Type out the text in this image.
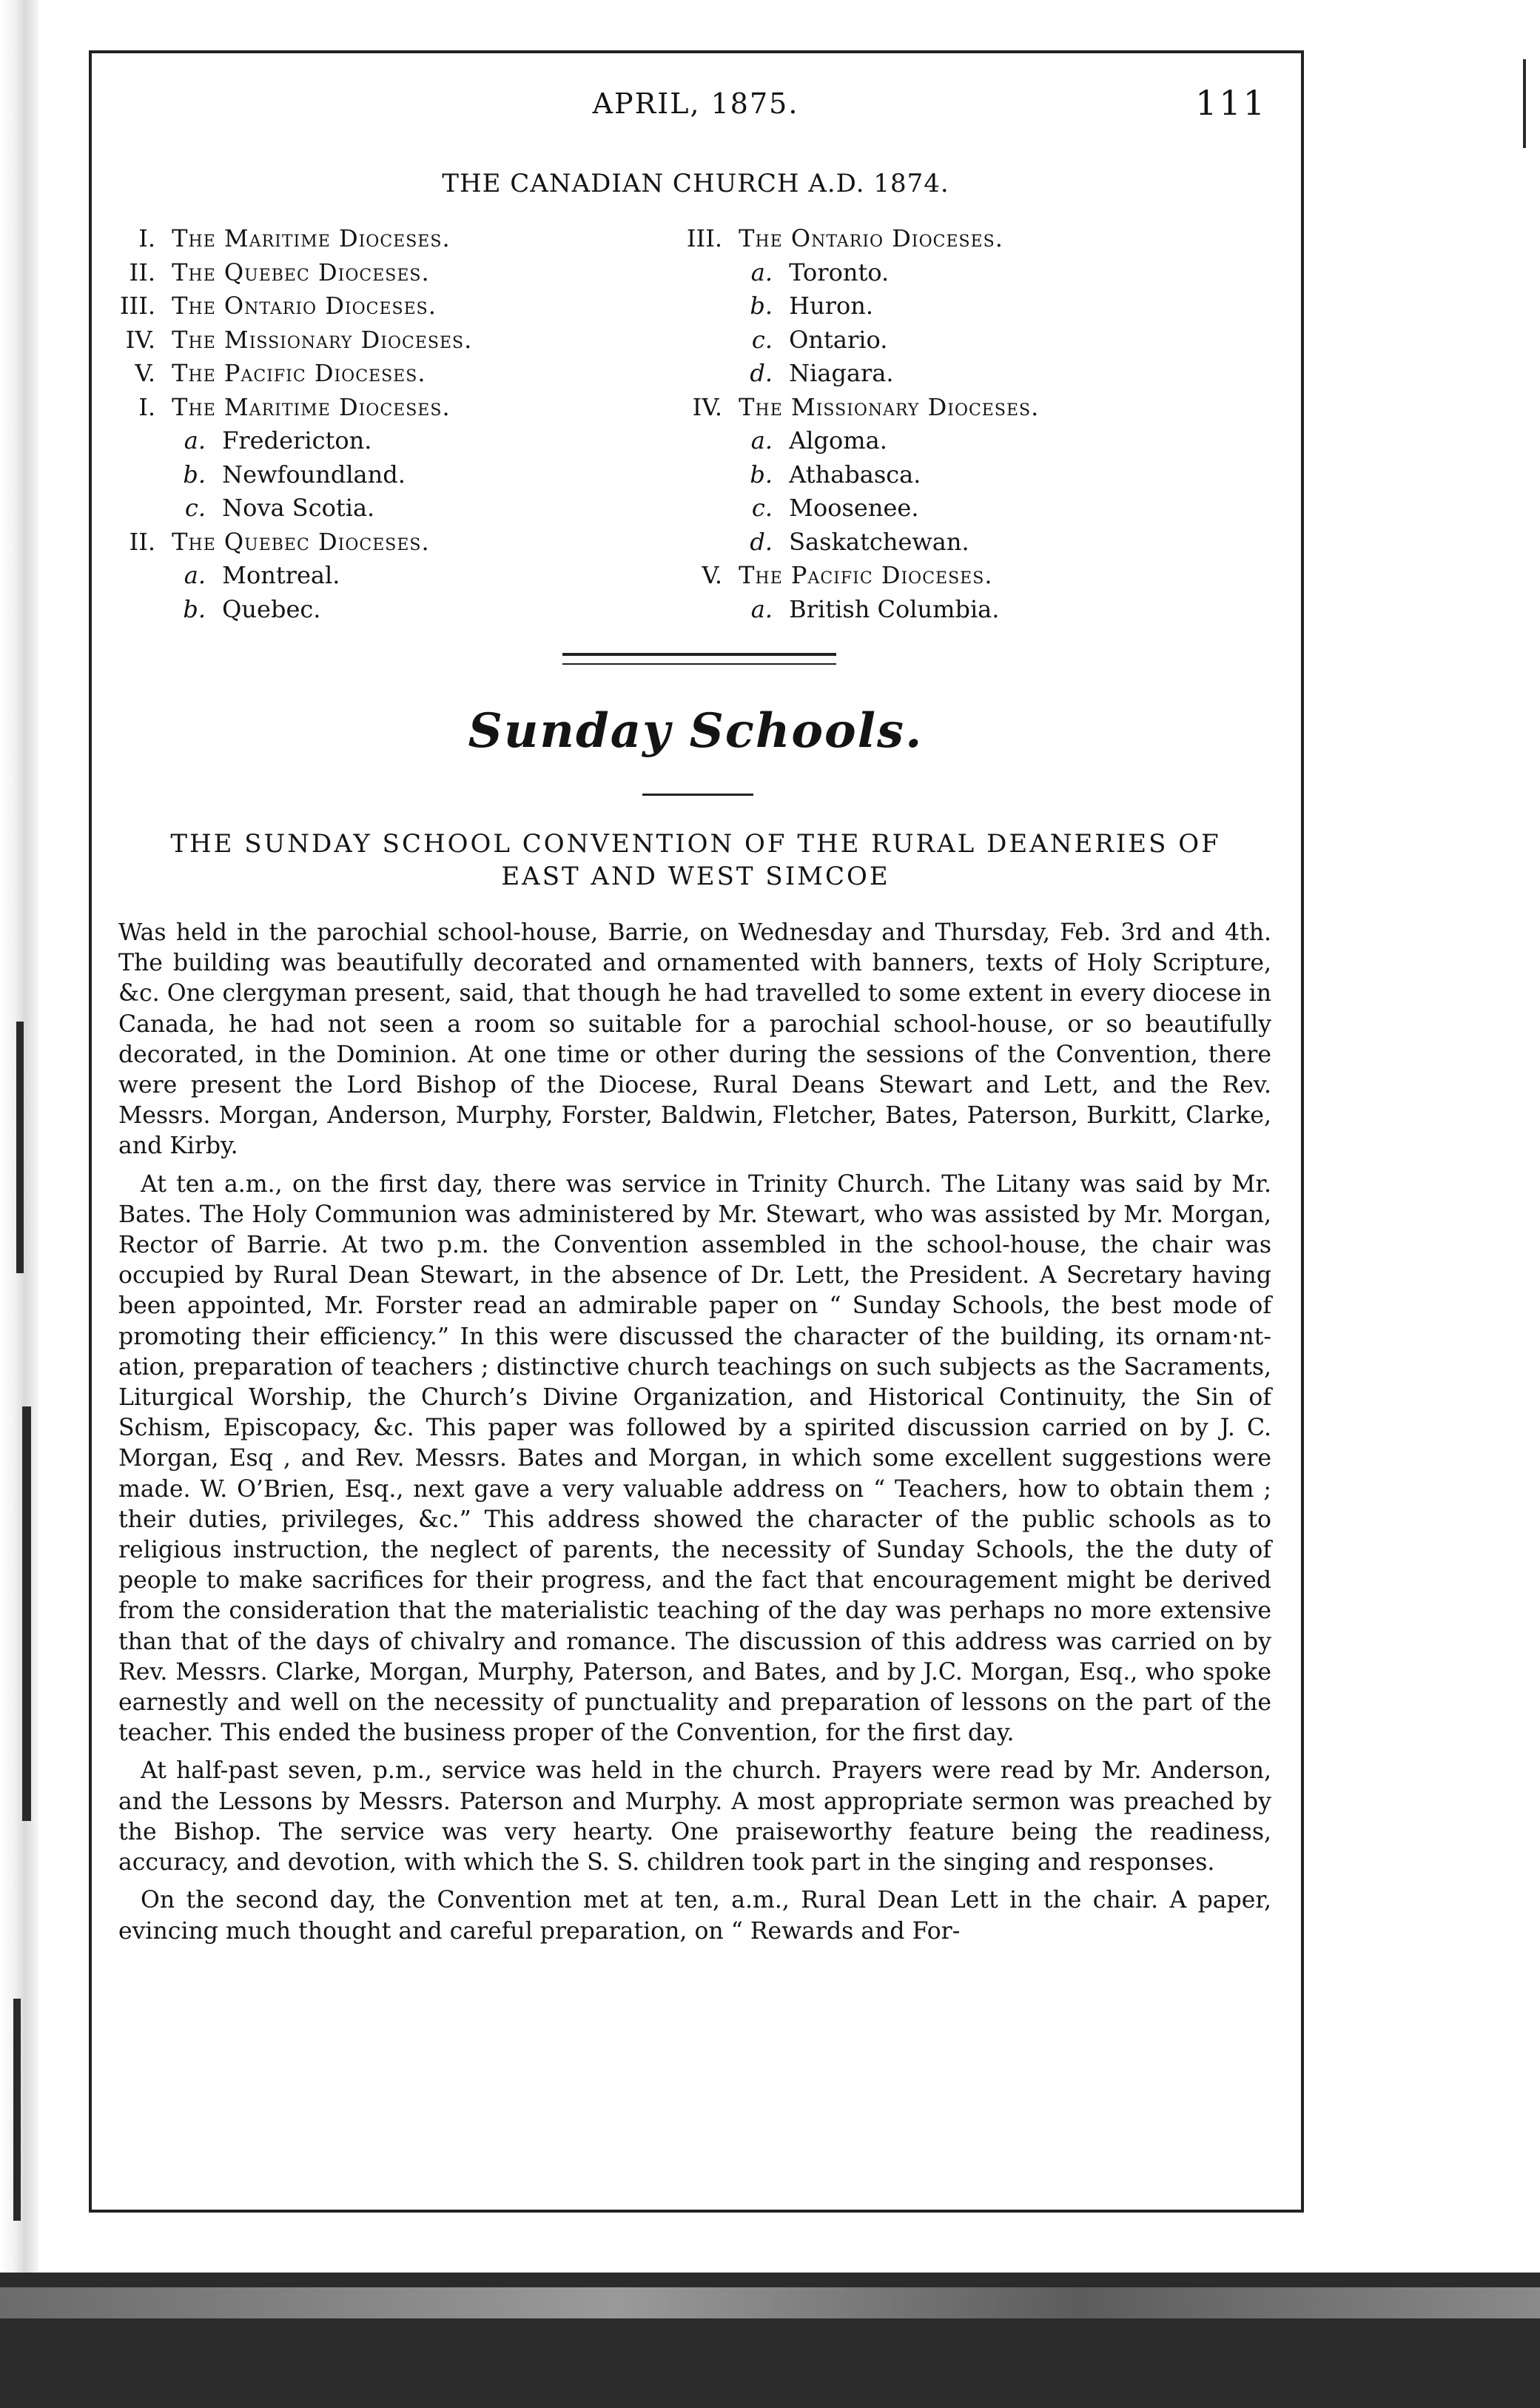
APRIL, 1875.	111
THE CANADIAN CHURCH A.D. 1874.
I. The Maritime Dioceses.
II. The Quebec Dioceses.
III. The Ontario Dioceses.
IV. The Missionary Dioceses.
V. The Pacific Dioceses.
I. The Maritime Dioceses.
a. Fredericton.
b. Newfoundland.
c. Nova Scotia.
II. The Quebec Dioceses.
a. Montreal.
b. Quebec.
III. The Ontario Dioceses.
a. Toronto.
b. Huron.
c. Ontario.
d. Niagara.
IV. The Missionary Dioceses.
a. Algoma.
b. Athabasca.
c. Moosenee.
d. Saskatchewan.
V. The Pacific Dioceses.
a. British Columbia.
Sunday Schools.
THE SUNDAY SCHOOL CONVENTION OF THE RURAL DEANERIES OF
EAST AND WEST SIMCOE

Was held in the parochial school-house, Barrie, on Wednesday and Thursday, Feb. 3rd and 4th. The building was beautifully decorated and ornamented with banners, texts of Holy Scripture, &c. One clergyman present, said, that though he had travelled to some extent in every diocese in Canada, he had not seen a room so suitable for a parochial school-house, or so beautifully decorated, in the Dominion. At one time or other during the sessions of the Convention, there were present the Lord Bishop of the Diocese, Rural Deans Stewart and Lett, and the Rev. Messrs. Morgan, Anderson, Murphy, Forster, Baldwin, Fletcher, Bates, Paterson, Burkitt, Clarke, and Kirby.

At ten a.m., on the first day, there was service in Trinity Church. The Litany was said by Mr. Bates. The Holy Communion was administered by Mr. Stewart, who was assisted by Mr. Morgan, Rector of Barrie. At two p.m. the Convention assembled in the school-house, the chair was occupied by Rural Dean Stewart, in the absence of Dr. Lett, the President. A Secretary having been appointed, Mr. Forster read an admirable paper on “ Sunday Schools, the best mode of promoting their efficiency.” In this were discussed the character of the building, its ornam·nt-ation, preparation of teachers ; distinctive church teachings on such subjects as the Sacraments, Liturgical Worship, the Church’s Divine Organization, and Historical Continuity, the Sin of Schism, Episcopacy, &c. This paper was followed by a spirited discussion carried on by J. C. Morgan, Esq , and Rev. Messrs. Bates and Morgan, in which some excellent suggestions were made. W. O’Brien, Esq., next gave a very valuable address on “ Teachers, how to obtain them ; their duties, privileges, &c.” This address showed the character of the public schools as to religious instruction, the neglect of parents, the necessity of Sunday Schools, the the duty of people to make sacrifices for their progress, and the fact that encouragement might be derived from the consideration that the materialistic teaching of the day was perhaps no more extensive than that of the days of chivalry and romance. The discussion of this address was carried on by Rev. Messrs. Clarke, Morgan, Murphy, Paterson, and Bates, and by J.C. Morgan, Esq., who spoke earnestly and well on the necessity of punctuality and preparation of lessons on the part of the teacher. This ended the business proper of the Convention, for the first day.

At half-past seven, p.m., service was held in the church. Prayers were read by Mr. Anderson, and the Lessons by Messrs. Paterson and Murphy. A most appropriate sermon was preached by the Bishop. The service was very hearty. One praiseworthy feature being the readiness, accuracy, and devotion, with which the S. S. children took part in the singing and responses.

On the second day, the Convention met at ten, a.m., Rural Dean Lett in the chair. A paper, evincing much thought and careful preparation, on “ Rewards and For-
